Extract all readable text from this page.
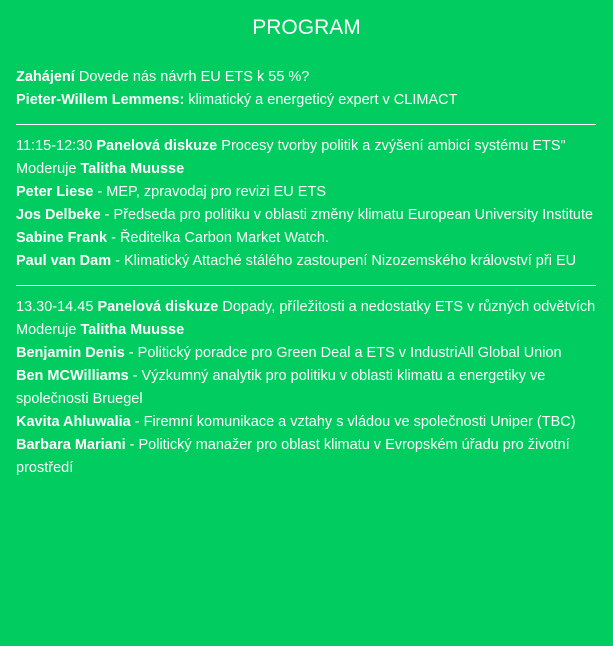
PROGRAM

Zahájení Dovede nás návrh EU ETS k 55 %?

Pieter-Willem Lemmens: klimatický a energeticý expert v CLIMACT

11:15-12:30 Panelová diskuze Procesy tvorby politik a zvýšení ambicí systému ETS"

Moderuje Talitha Muusse

Peter Liese - MEP, zpravodaj pro revizi EU ETS

Jos Delbeke - Předseda pro politiku v oblasti změny klimatu European University Institute

Sabine Frank - Ředitelka Carbon Market Watch.

Paul van Dam - Klimatický Attaché stálého zastoupení Nizozemského království při EU

13.30-14.45 Panelová diskuze Dopady, příležitosti a nedostatky ETS v různých odvětvích

Moderuje Talitha Muusse

Benjamin Denis - Politický poradce pro Green Deal a ETS v IndustriAll Global Union

Ben MCWilliams - Výzkumný analytik pro politiku v oblasti klimatu a energetiky ve společnosti Bruegel

Kavita Ahluwalia - Firemní komunikace a vztahy s vládou ve společnosti Uniper (TBC)

Barbara Mariani - Politický manažer pro oblast klimatu v Evropském úřadu pro životní prostředí
